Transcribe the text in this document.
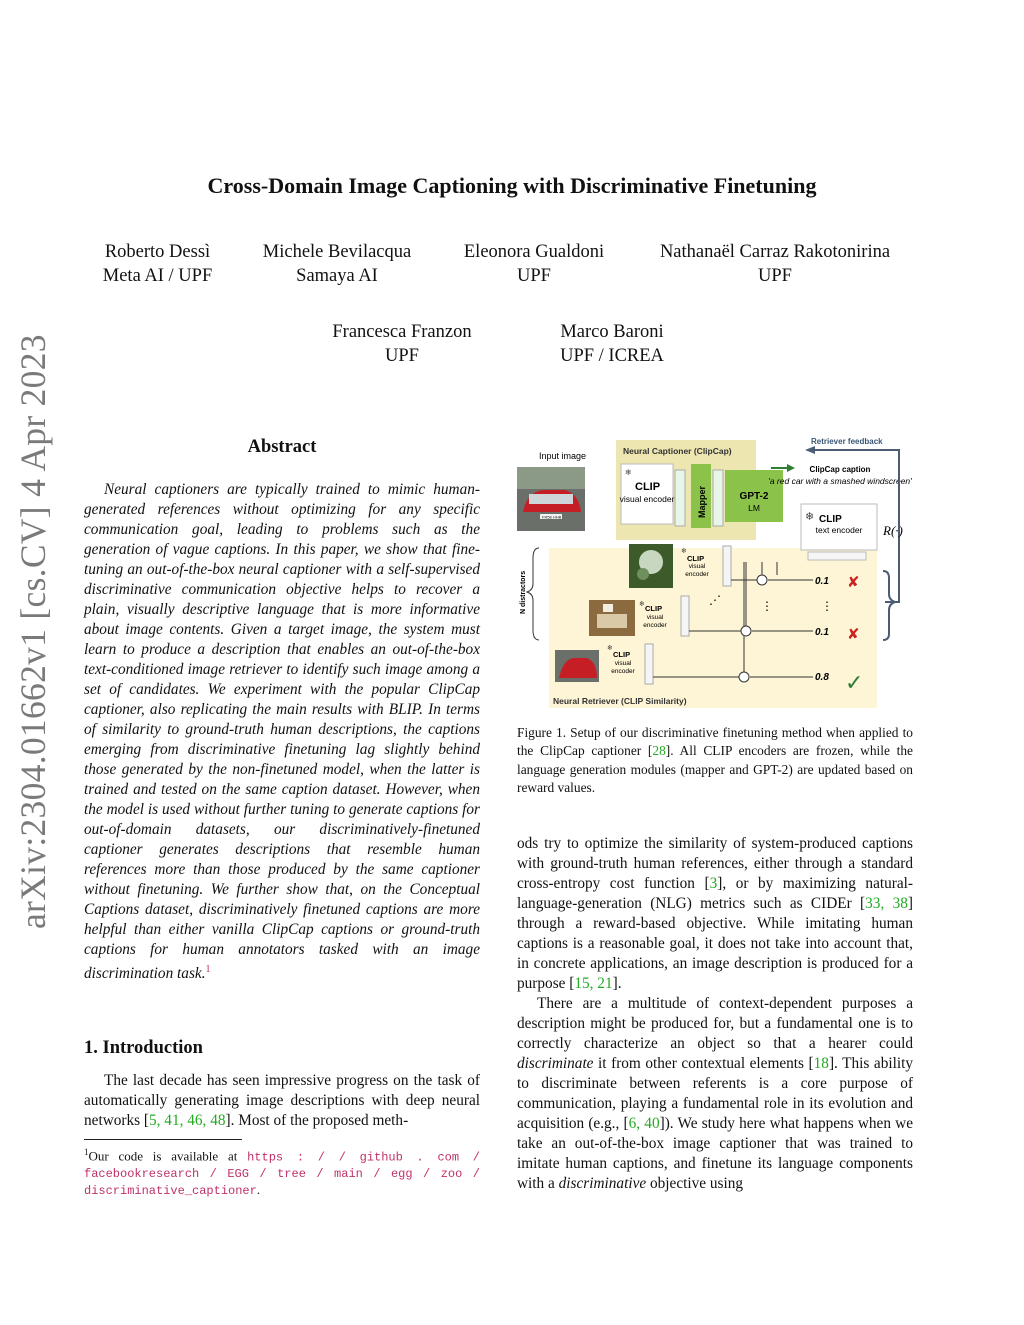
Cross-Domain Image Captioning with Discriminative Finetuning
Roberto Dessì
Meta AI / UPF
Michele Bevilacqua
Samaya AI
Eleonora Gualdoni
UPF
Nathanaël Carraz Rakotonirina
UPF
Francesca Franzon
UPF
Marco Baroni
UPF / ICREA
arXiv:2304.01662v1 [cs.CV] 4 Apr 2023	Abstract

Neural captioners are typically trained to mimic human-generated references without optimizing for any specific communication goal, leading to problems such as the generation of vague captions. In this paper, we show that fine-tuning an out-of-the-box neural captioner with a self-supervised discriminative communication objective helps to recover a plain, visually descriptive language that is more informative about image contents. Given a target image, the system must learn to produce a description that enables an out-of-the-box text-conditioned image retriever to identify such image among a set of candidates. We experiment with the popular ClipCap captioner, also replicating the main results with BLIP. In terms of similarity to ground-truth human descriptions, the captions emerging from discriminative finetuning lag slightly behind those generated by the non-finetuned model, when the latter is trained and tested on the same caption dataset. However, when the model is used without further tuning to generate captions for out-of-domain datasets, our discriminatively-finetuned captioner generates descriptions that resemble human references more than those produced by the same captioner without finetuning. We further show that, on the Conceptual Captions dataset, discriminatively finetuned captions are more helpful than either vanilla ClipCap captions or ground-truth captions for human annotators tasked with an image discrimination task.$^1$

1. Introduction

The last decade has seen impressive progress on the task of automatically generating image descriptions with deep neural networks [5, 41, 46, 48]. Most of the proposed meth-

$^1$Our code is available at https : / / github . com / facebookresearch / EGG / tree / main / egg / zoo / discriminative_captioner.
Input image
FR58 HHB
Neural Captioner (ClipCap)
Retriever feedback
❄
CLIP
visual encoder	Mapper	GPT-2
LM
ClipCap caption
'a red car with a smashed windscreen'
❄ CLIP
text encoder R(·)
N distractors
❄
CLIP
visual
encoder
❄ CLIP
visual
encoder
❄
CLIP
visual
encoder
⋰	⋮	⋮
0.1
0.1
0.8
✘
✘
✓
Neural Retriever (CLIP Similarity)
Figure 1. Setup of our discriminative finetuning method when applied to the ClipCap captioner [28]. All CLIP encoders are frozen, while the language generation modules (mapper and GPT-2) are updated based on reward values.

ods try to optimize the similarity of system-produced captions with ground-truth human references, either through a standard cross-entropy cost function [3], or by maximizing natural-language-generation (NLG) metrics such as CIDEr [33, 38] through a reward-based objective. While imitating human captions is a reasonable goal, it does not take into account that, in concrete applications, an image description is produced for a purpose [15, 21].

There are a multitude of context-dependent purposes a description might be produced for, but a fundamental one is to correctly characterize an object so that a hearer could discriminate it from other contextual elements [18]. This ability to discriminate between referents is a core purpose of communication, playing a fundamental role in its evolution and acquisition (e.g., [6, 40]). We study here what happens when we take an out-of-the-box image captioner that was trained to imitate human captions, and finetune its language components with a discriminative objective using
